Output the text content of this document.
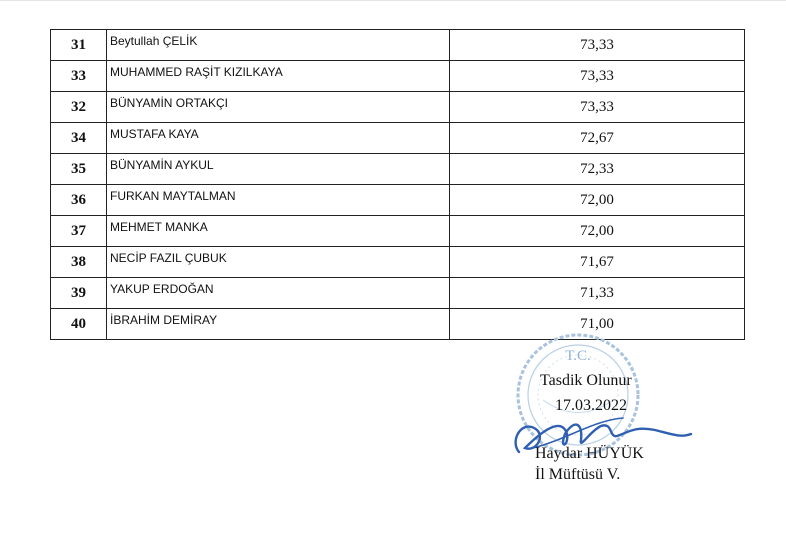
31	Beytullah ÇELİK	73,33
33	MUHAMMED RAŞİT KIZILKAYA	73,33
32	BÜNYAMİN ORTAKÇI	73,33
34	MUSTAFA KAYA	72,67
35	BÜNYAMİN AYKUL	72,33
36	FURKAN MAYTALMAN	72,00
37	MEHMET MANKA	72,00
38	NECİP FAZIL ÇUBUK	71,67
39	YAKUP ERDOĞAN	71,33
40	İBRAHİM DEMİRAY	71,00
T.C.
Tasdik Olunur
17.03.2022
Haydar HÜYÜK
İl Müftüsü V.
